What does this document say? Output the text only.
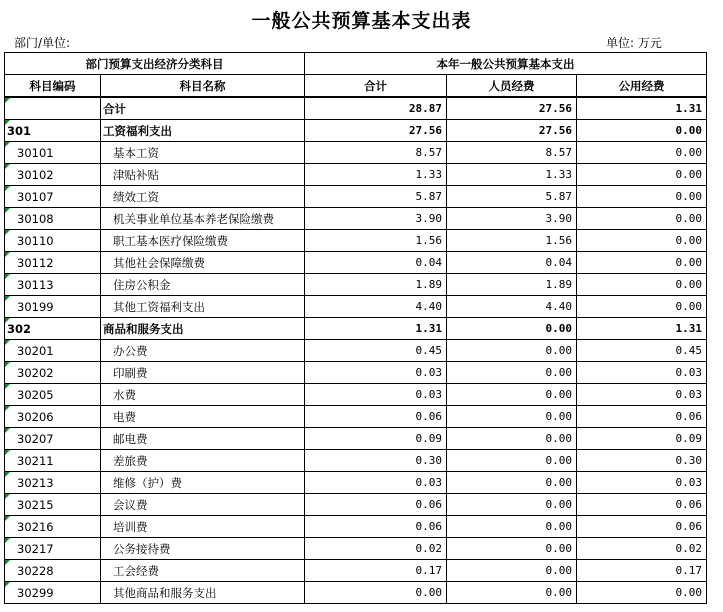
一般公共预算基本支出表
部门/单位:	单位: 万元
部门预算支出经济分类科目		本年一般公共预算基本支出		
科目编码	科目名称	合计	人员经费	公用经费
	合计	28.87	27.56	1.31
301	工资福利支出	27.56	27.56	0.00
30101	基本工资	8.57	8.57	0.00
30102	津贴补贴	1.33	1.33	0.00
30107	绩效工资	5.87	5.87	0.00
30108	机关事业单位基本养老保险缴费	3.90	3.90	0.00
30110	职工基本医疗保险缴费	1.56	1.56	0.00
30112	其他社会保障缴费	0.04	0.04	0.00
30113	住房公积金	1.89	1.89	0.00
30199	其他工资福利支出	4.40	4.40	0.00
302	商品和服务支出	1.31	0.00	1.31
30201	办公费	0.45	0.00	0.45
30202	印刷费	0.03	0.00	0.03
30205	水费	0.03	0.00	0.03
30206	电费	0.06	0.00	0.06
30207	邮电费	0.09	0.00	0.09
30211	差旅费	0.30	0.00	0.30
30213	维修（护）费	0.03	0.00	0.03
30215	会议费	0.06	0.00	0.06
30216	培训费	0.06	0.00	0.06
30217	公务接待费	0.02	0.00	0.02
30228	工会经费	0.17	0.00	0.17
30299	其他商品和服务支出	0.00	0.00	0.00
